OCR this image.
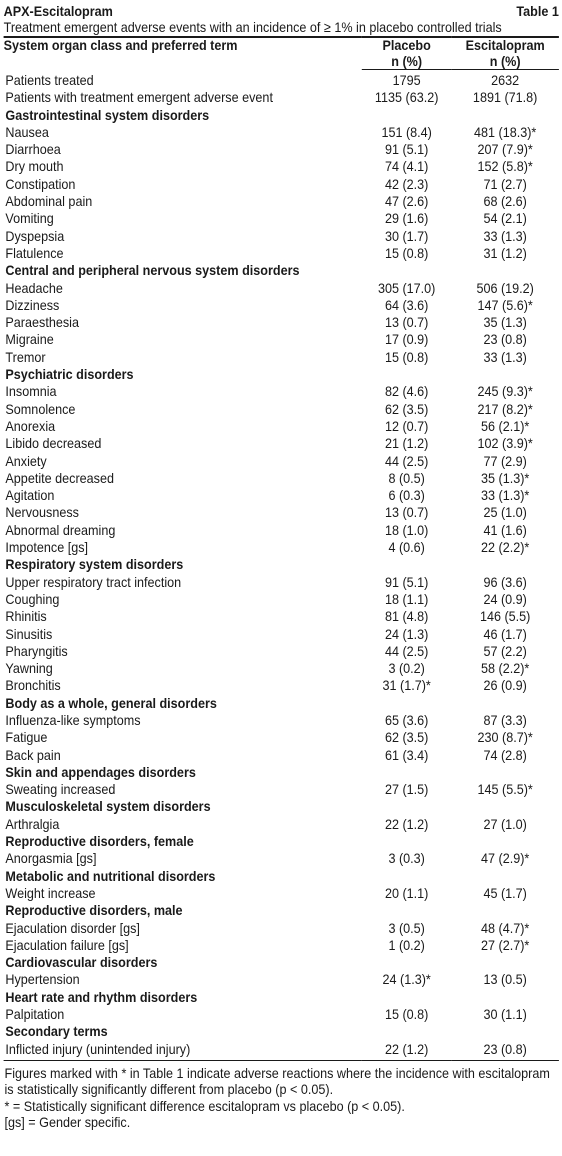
APX-Escitalopram	Table 1
Treatment emergent adverse events with an incidence of ≥ 1% in placebo controlled trials
System organ class and preferred term	Placebo	Escitalopram
	n (%)	n (%)
Patients treated	1795	2632
Patients with treatment emergent adverse event	1135 (63.2)	1891 (71.8)
Gastrointestinal system disorders		
Nausea	151 (8.4)	481 (18.3)*
Diarrhoea	91 (5.1)	207 (7.9)*
Dry mouth	74 (4.1)	152 (5.8)*
Constipation	42 (2.3)	71 (2.7)
Abdominal pain	47 (2.6)	68 (2.6)
Vomiting	29 (1.6)	54 (2.1)
Dyspepsia	30 (1.7)	33 (1.3)
Flatulence	15 (0.8)	31 (1.2)
Central and peripheral nervous system disorders		
Headache	305 (17.0)	506 (19.2)
Dizziness	64 (3.6)	147 (5.6)*
Paraesthesia	13 (0.7)	35 (1.3)
Migraine	17 (0.9)	23 (0.8)
Tremor	15 (0.8)	33 (1.3)
Psychiatric disorders		
Insomnia	82 (4.6)	245 (9.3)*
Somnolence	62 (3.5)	217 (8.2)*
Anorexia	12 (0.7)	56 (2.1)*
Libido decreased	21 (1.2)	102 (3.9)*
Anxiety	44 (2.5)	77 (2.9)
Appetite decreased	8 (0.5)	35 (1.3)*
Agitation	6 (0.3)	33 (1.3)*
Nervousness	13 (0.7)	25 (1.0)
Abnormal dreaming	18 (1.0)	41 (1.6)
Impotence [gs]	4 (0.6)	22 (2.2)*
Respiratory system disorders		
Upper respiratory tract infection	91 (5.1)	96 (3.6)
Coughing	18 (1.1)	24 (0.9)
Rhinitis	81 (4.8)	146 (5.5)
Sinusitis	24 (1.3)	46 (1.7)
Pharyngitis	44 (2.5)	57 (2.2)
Yawning	3 (0.2)	58 (2.2)*
Bronchitis	31 (1.7)*	26 (0.9)
Body as a whole, general disorders		
Influenza-like symptoms	65 (3.6)	87 (3.3)
Fatigue	62 (3.5)	230 (8.7)*
Back pain	61 (3.4)	74 (2.8)
Skin and appendages disorders		
Sweating increased	27 (1.5)	145 (5.5)*
Musculoskeletal system disorders		
Arthralgia	22 (1.2)	27 (1.0)
Reproductive disorders, female		
Anorgasmia [gs]	3 (0.3)	47 (2.9)*
Metabolic and nutritional disorders		
Weight increase	20 (1.1)	45 (1.7)
Reproductive disorders, male		
Ejaculation disorder [gs]	3 (0.5)	48 (4.7)*
Ejaculation failure [gs]	1 (0.2)	27 (2.7)*
Cardiovascular disorders		
Hypertension	24 (1.3)*	13 (0.5)
Heart rate and rhythm disorders		
Palpitation	15 (0.8)	30 (1.1)
Secondary terms		
Inflicted injury (unintended injury)	22 (1.2)	23 (0.8)
Figures marked with * in Table 1 indicate adverse reactions where the incidence with escitalopram is statistically significantly different from placebo (p < 0.05).
* = Statistically significant difference escitalopram vs placebo (p < 0.05).
[gs] = Gender specific.
